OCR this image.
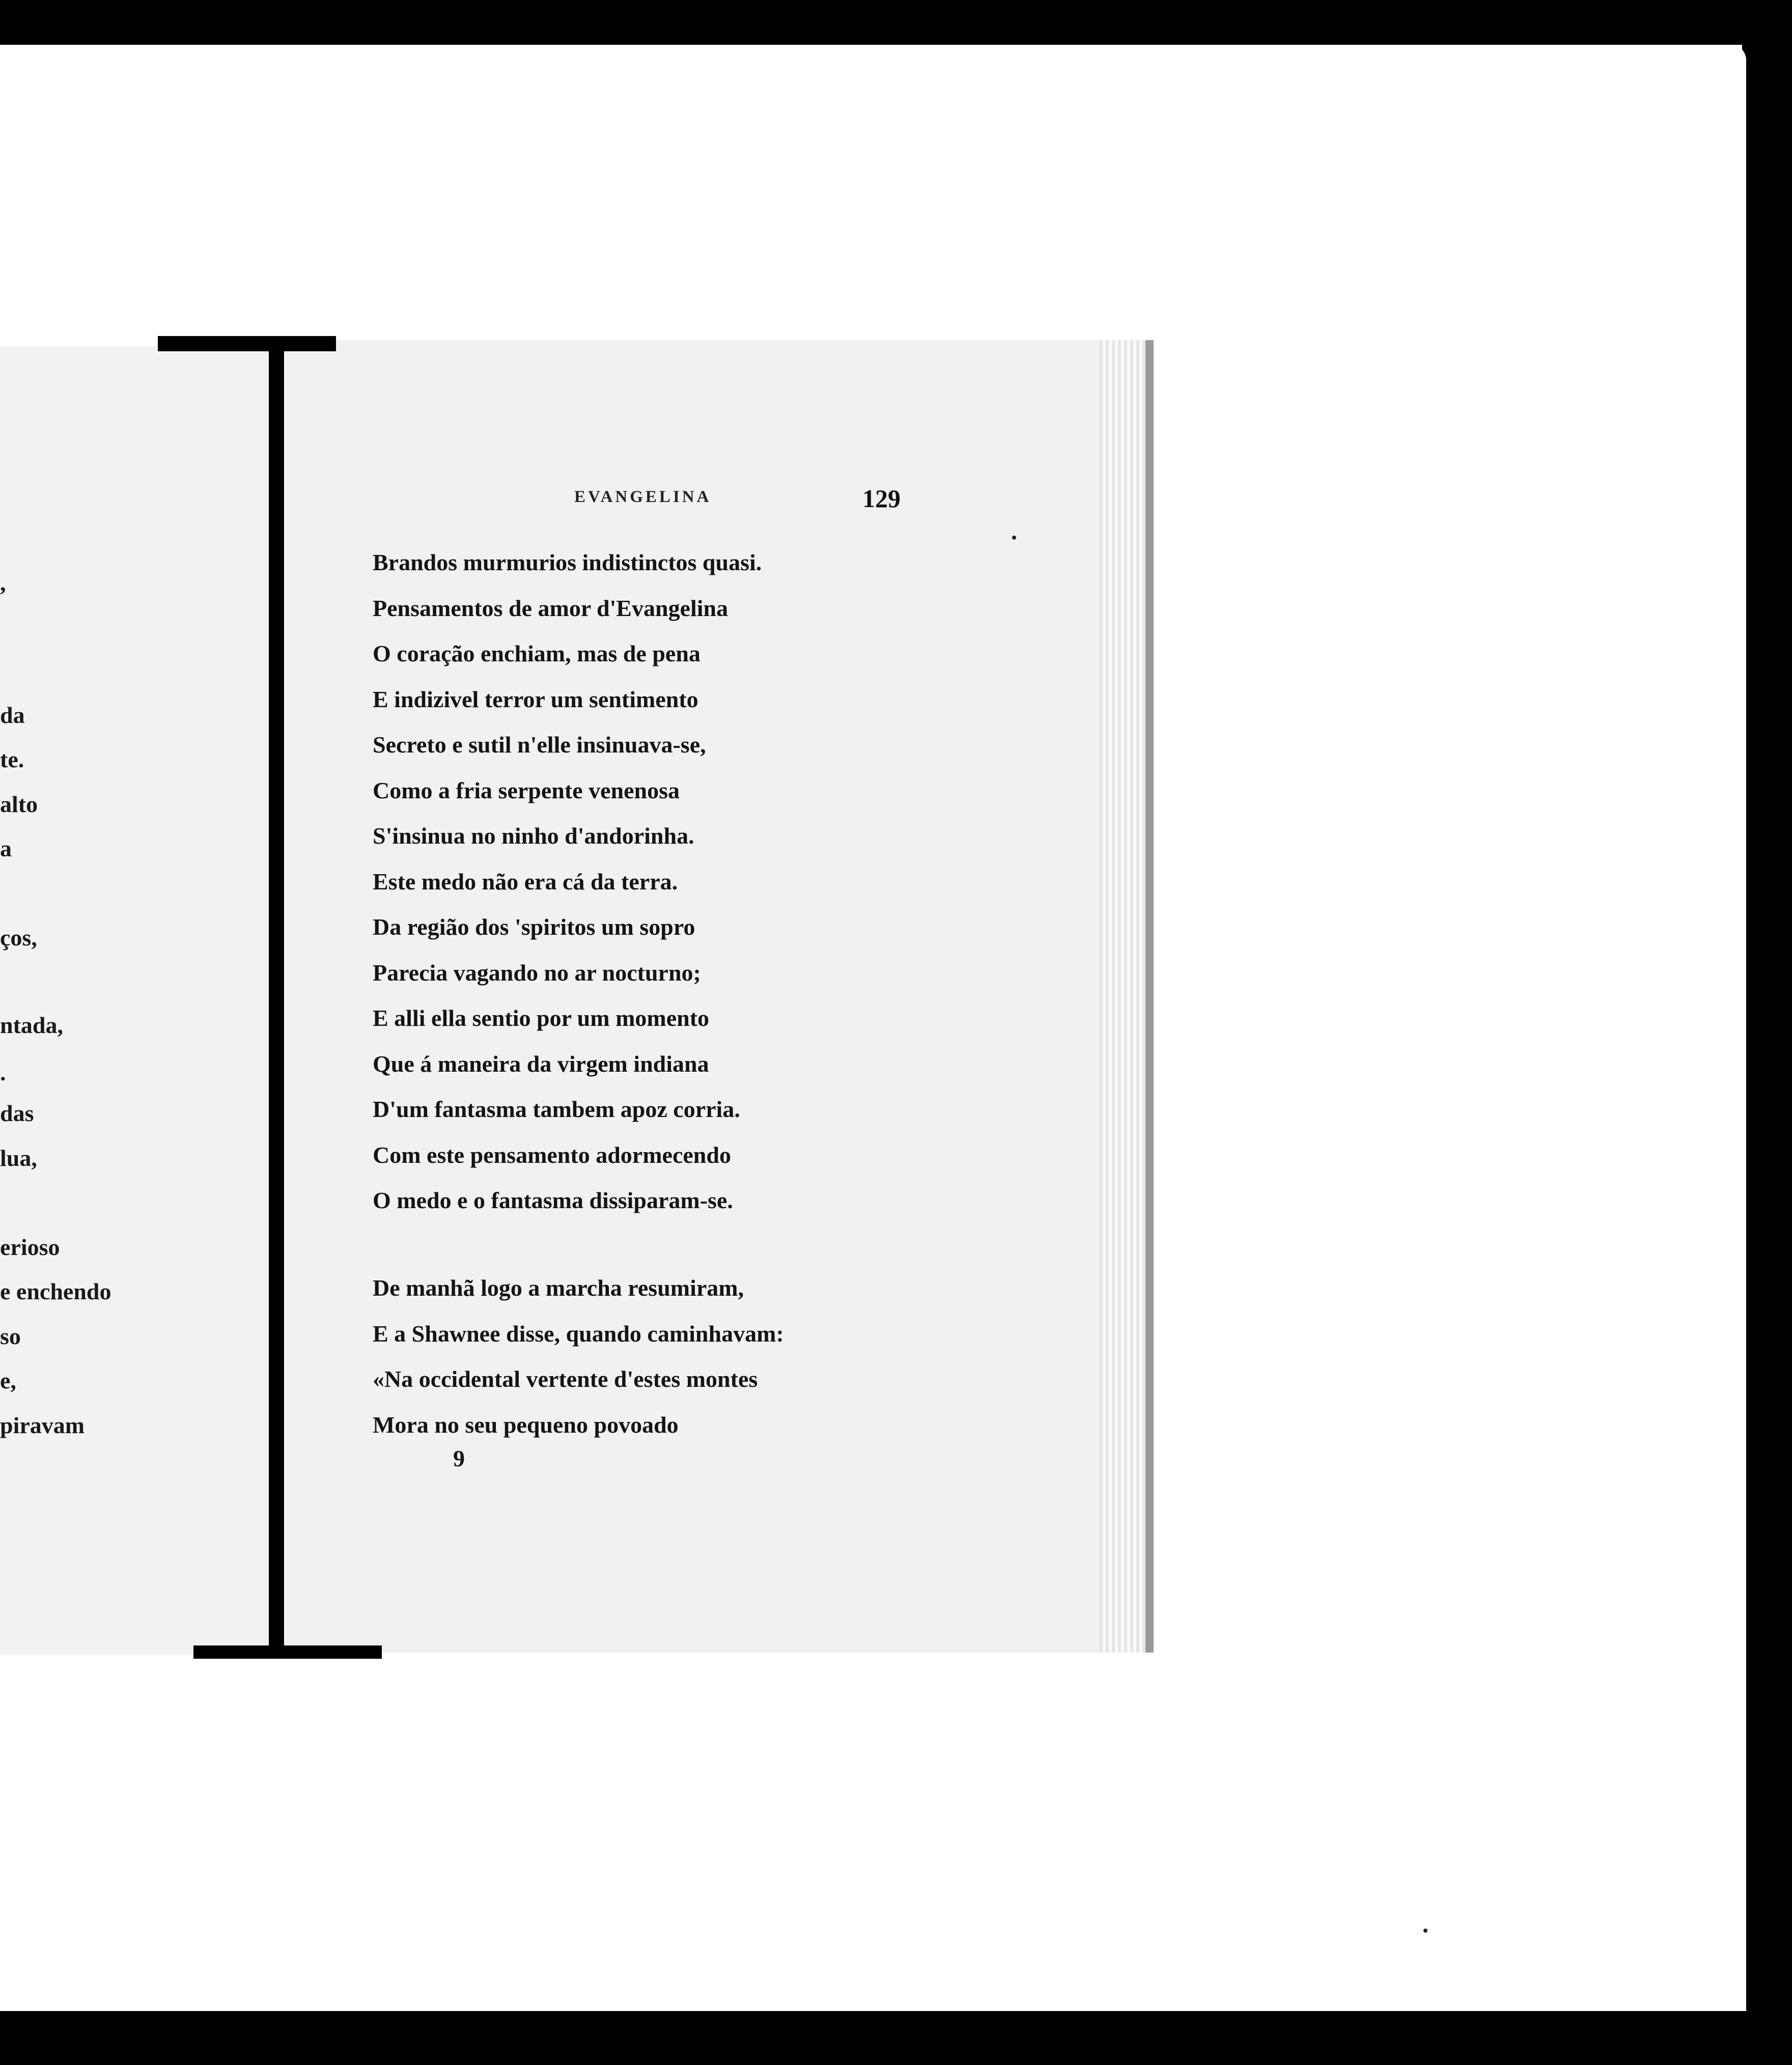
,
da
te.
alto
a
ços,
ntada,
.
das
lua,
erioso
e enchendo
so
e,
piravam
EVANGELINA	129
Brandos murmurios indistinctos quasi.
Pensamentos de amor d'Evangelina
O coração enchiam, mas de pena
E indizivel terror um sentimento
Secreto e sutil n'elle insinuava-se,
Como a fria serpente venenosa
S'insinua no ninho d'andorinha.
Este medo não era cá da terra.
Da região dos 'spiritos um sopro
Parecia vagando no ar nocturno;
E alli ella sentio por um momento
Que á maneira da virgem indiana
D'um fantasma tambem apoz corria.
Com este pensamento adormecendo
O medo e o fantasma dissiparam-se.
De manhã logo a marcha resumiram,
E a Shawnee disse, quando caminhavam:
«Na occidental vertente d'estes montes
Mora no seu pequeno povoado
9
